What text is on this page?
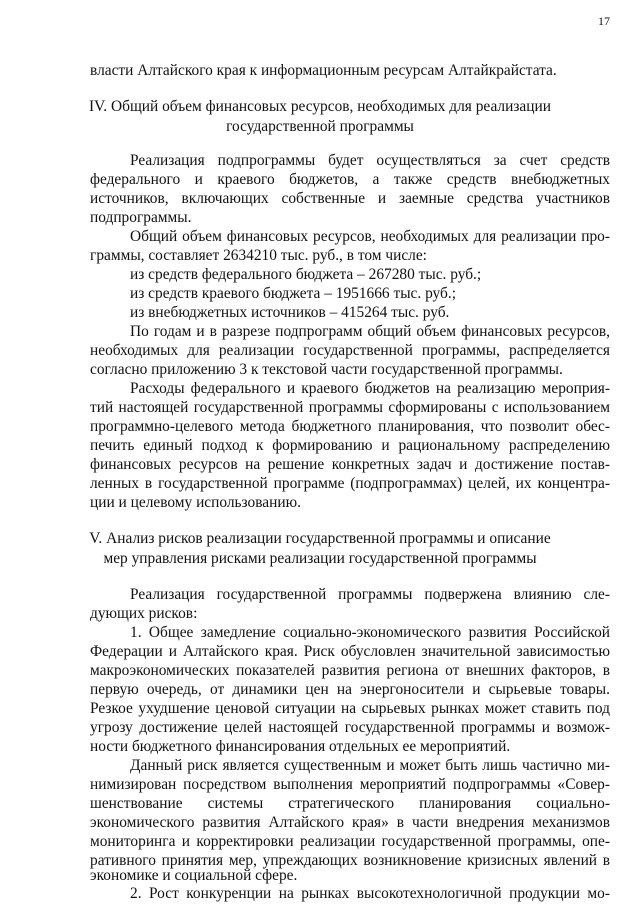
17
власти Алтайского края к информационным ресурсам Алтайкрайстата.
IV. Общий объем финансовых ресурсов, необходимых для реализации
государственной программы
Реализация подпрограммы будет осуществляться за счет средств
федерального и краевого бюджетов, а также средств внебюджетных
источников, включающих собственные и заемные средства участников
подпрограммы.
Общий объем финансовых ресурсов, необходимых для реализации про-
граммы, составляет 2634210 тыс. руб., в том числе:
из средств федерального бюджета – 267280 тыс. руб.;
из средств краевого бюджета – 1951666 тыс. руб.;
из внебюджетных источников – 415264 тыс. руб.
По годам и в разрезе подпрограмм общий объем финансовых ресурсов,
необходимых для реализации государственной программы, распределяется
согласно приложению 3 к текстовой части государственной программы.
Расходы федерального и краевого бюджетов на реализацию мероприя-
тий настоящей государственной программы сформированы с использованием
программно-целевого метода бюджетного планирования, что позволит обес-
печить единый подход к формированию и рациональному распределению
финансовых ресурсов на решение конкретных задач и достижение постав-
ленных в государственной программе (подпрограммах) целей, их концентра-
ции и целевому использованию.
V. Анализ рисков реализации государственной программы и описание
мер управления рисками реализации государственной программы
Реализация государственной программы подвержена влиянию сле-
дующих рисков:
1. Общее замедление социально-экономического развития Российской
Федерации и Алтайского края. Риск обусловлен значительной зависимостью
макроэкономических показателей развития региона от внешних факторов, в
первую очередь, от динамики цен на энергоносители и сырьевые товары.
Резкое ухудшение ценовой ситуации на сырьевых рынках может ставить под
угрозу достижение целей настоящей государственной программы и возмож-
ности бюджетного финансирования отдельных ее мероприятий.
Данный риск является существенным и может быть лишь частично ми-
нимизирован посредством выполнения мероприятий подпрограммы «Совер-
шенствование системы стратегического планирования социально-
экономического развития Алтайского края» в части внедрения механизмов
мониторинга и корректировки реализации государственной программы, опе-
ративного принятия мер, упреждающих возникновение кризисных явлений в
экономике и социальной сфере.
2. Рост конкуренции на рынках высокотехнологичной продукции мо-
